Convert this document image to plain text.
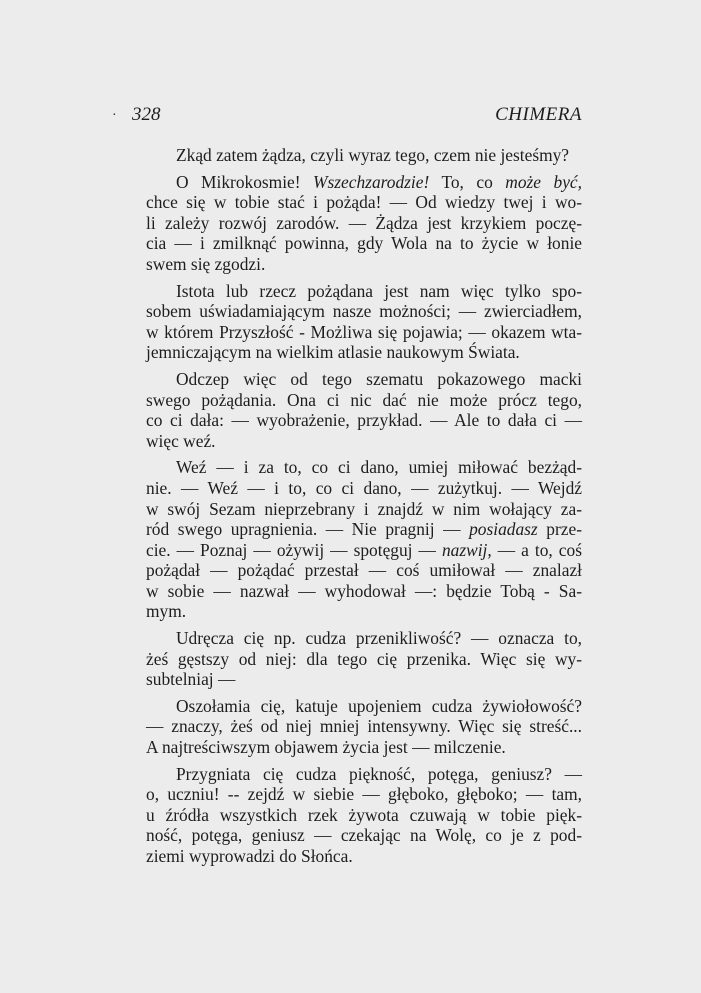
· 328	CHIMERA
Zkąd zatem żądza, czyli wyraz tego, czem nie jesteśmy?
O Mikrokosmie! Wszechzarodzie! To, co może być,
chce się w tobie stać i pożąda! — Od wiedzy twej i wo-
li zależy rozwój zarodów. — Żądza jest krzykiem poczę-
cia — i zmilknąć powinna, gdy Wola na to życie w łonie
swem się zgodzi.
Istota lub rzecz pożądana jest nam więc tylko spo-
sobem uświadamiającym nasze możności; — zwierciadłem,
w którem Przyszłość - Możliwa się pojawia; — okazem wta-
jemniczającym na wielkim atlasie naukowym Świata.
Odczep więc od tego szematu pokazowego macki
swego pożądania. Ona ci nic dać nie może prócz tego,
co ci dała: — wyobrażenie, przykład. — Ale to dała ci —
więc weź.
Weź — i za to, co ci dano, umiej miłować bezżąd-
nie. — Weź — i to, co ci dano, — zużytkuj. — Wejdź
w swój Sezam nieprzebrany i znajdź w nim wołający za-
ród swego upragnienia. — Nie pragnij — posiadasz prze-
cie. — Poznaj — ożywij — spotęguj — nazwij, — a to, coś
pożądał — pożądać przestał — coś umiłował — znalazł
w sobie — nazwał — wyhodował —: będzie Tobą - Sa-
mym.
Udręcza cię np. cudza przenikliwość? — oznacza to,
żeś gęstszy od niej: dla tego cię przenika. Więc się wy-
subtelniaj —
Oszołamia cię, katuje upojeniem cudza żywiołowość?
— znaczy, żeś od niej mniej intensywny. Więc się streść...
A najtreściwszym objawem życia jest — milczenie.
Przygniata cię cudza piękność, potęga, geniusz? —
o, uczniu! -- zejdź w siebie — głęboko, głęboko; — tam,
u źródła wszystkich rzek żywota czuwają w tobie pięk-
ność, potęga, geniusz — czekając na Wolę, co je z pod-
ziemi wyprowadzi do Słońca.
